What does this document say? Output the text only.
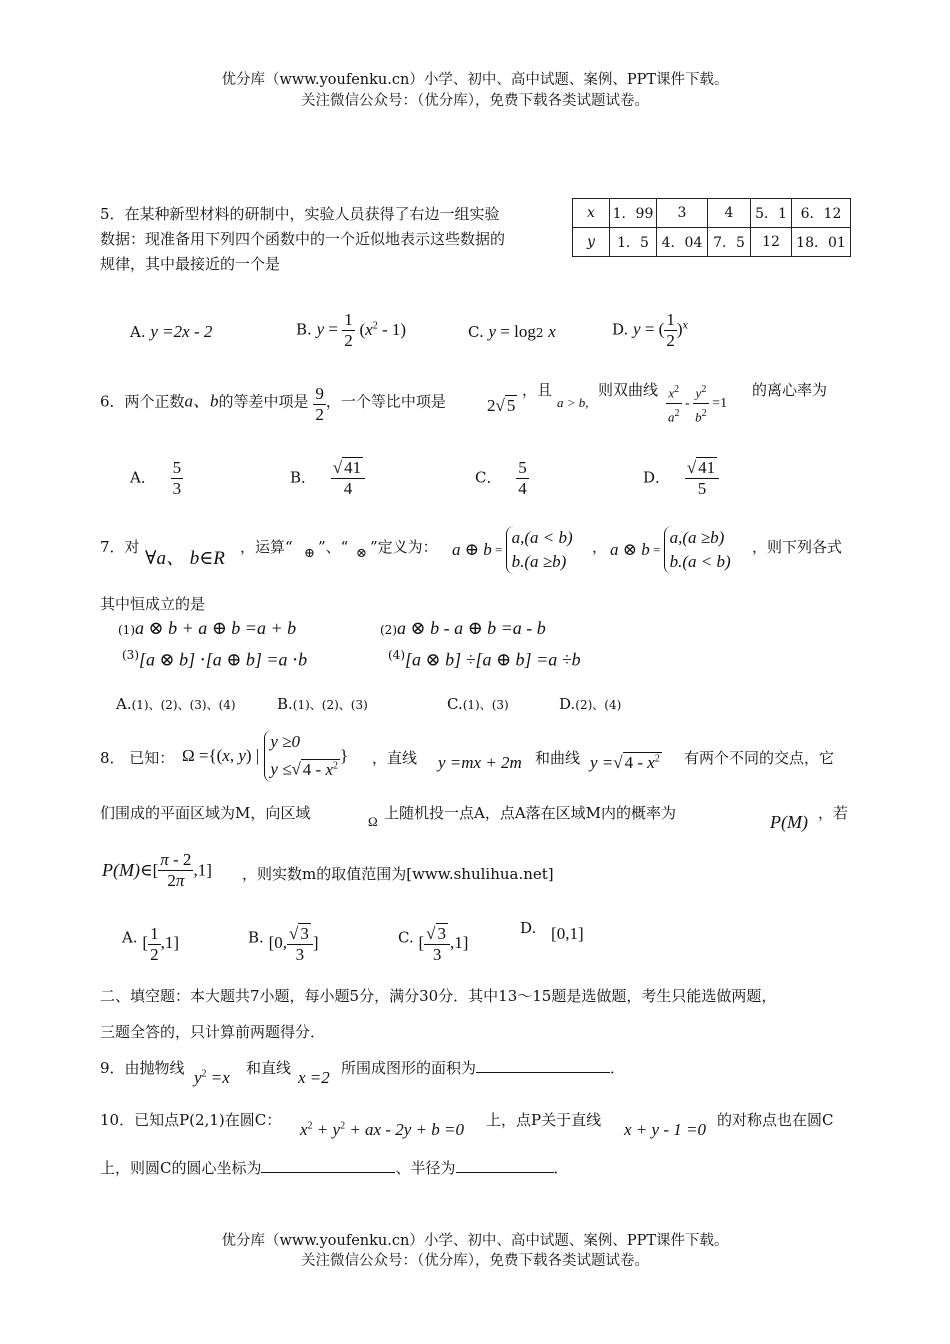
优分库（www.youfenku.cn）小学、初中、高中试题、案例、PPT课件下载。
关注微信公众号：（优分库），免费下载各类试题试卷。
5．在某种新型材料的研制中，实验人员获得了右边一组实验
数据：现准备用下列四个函数中的一个近似地表示这些数据的
规律，其中最接近的一个是
x	1．99	3	4	5．1	6．12
y	1．5	4．04	7．5	12	18．01
A. y =2x - 2	B. $y = \frac{1}{2} (x^2 - 1)$	C. y = log2 x	D. y = ( $\frac{1}{2} )^x$
6．两个正数a、b的等差中项是 $\frac{9}{2}$ ，一个等比中项是 2√ 5
，且
a > b,
则双曲线 $\frac{x^2}{a^2} - \frac{y^2}{b^2} =1$
的离心率为
A． $\frac{5}{3}$	B． $\frac{√ 41}{4}$	C． $\frac{5}{4}$	D． $\frac{√ 41}{5}$
7．对
∀a、 b∈R
，运算“ ⊕ ”、“ ⊗ ”定义为： a ⊕ b =
a,(a < b)
b.(a ≥b)
， a ⊗ b =
a,(a ≥b)
b.(a < b)
，则下列各式
其中恒成立的是
(1)a ⊗ b + a ⊕ b =a + b	(2)a ⊗ b - a ⊕ b =a - b
$^{(3)}$[a ⊗ b] ⋅[a ⊕ b] =a ⋅b	$^{(4)}$[a ⊗ b] ÷[a ⊕ b] =a ÷b
A.(1)、(2)、(3)、(4)	B.(1)、(2)、(3)	C.(1)、(3)	D.(2)、(4)
8． 已知： Ω ={(x, y) |
y ≥0
y ≤√ $4 - x^2$
} ，直线 y =mx + 2m 和曲线 y =√ $4 - x^2$ 有两个不同的交点，它
们围成的平面区域为M，向区域	Ω 上随机投一点A，点A落在区域M内的概率为	P(M) ，若
P(M)∈[ $\frac{\pi - 2}{2\pi} ,1$] ，则实数m的取值范围为[www.shulihua.net]
A. [ $\frac{1}{2} ,1$]	B. [0, $\frac{√ 3}{3}$ ]	C. [ $\frac{√ 3}{3} ,1$]
D. [0,1]
二、填空题：本大题共7小题，每小题5分，满分30分．其中13～15题是选做题，考生只能选做两题，
三题全答的，只计算前两题得分．
9．由抛物线 $y^2 =x$ 和直线 x =2 所围成图形的面积为	．
10．已知点P(2,1)在圆C： $x^2 + y^2$ + ax - 2y + b =0 上，点P关于直线 x + y - 1 =0 的对称点也在圆C
上，则圆C的圆心坐标为	、半径为	．
优分库（www.youfenku.cn）小学、初中、高中试题、案例、PPT课件下载。
关注微信公众号：（优分库），免费下载各类试题试卷。
